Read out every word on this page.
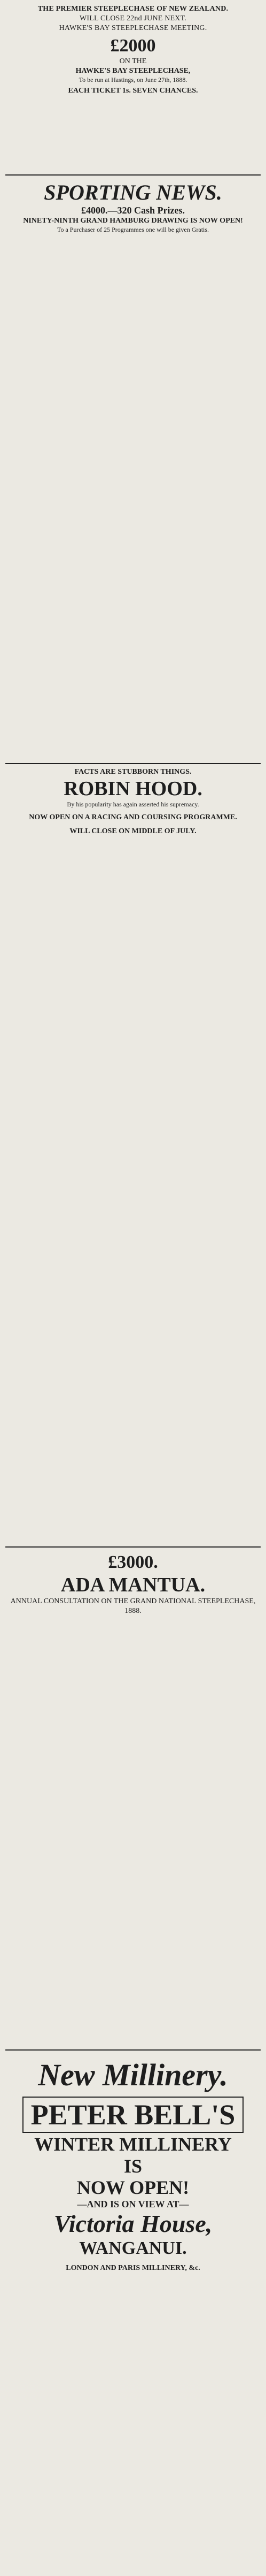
THE PREMIER STEEPLECHASE OF NEW ZEALAND.
WILL CLOSE 22nd JUNE NEXT.
HAWKE'S BAY STEEPLECHASE MEETING.
£2000
ON THE
HAWKE'S BAY STEEPLECHASE,
To be run at Hastings, on June 27th, 1888.
EACH TICKET 1s. SEVEN CHANCES.
SPORTING NEWS.
£4000.—320 Cash Prizes.
NINETY-NINTH GRAND HAMBURG DRAWING IS NOW OPEN!
To a Purchaser of 25 Programmes one will be given Gratis.
FACTS ARE STUBBORN THINGS.
ROBIN HOOD.
By his popularity has again asserted his supremacy.
NOW OPEN ON A RACING AND COURSING PROGRAMME.
WILL CLOSE ON MIDDLE OF JULY.
£3000.
ADA MANTUA.
ANNUAL CONSULTATION ON THE GRAND NATIONAL STEEPLECHASE, 1888.
New Millinery.
PETER BELL'S
WINTER MILLINERY
IS
NOW OPEN!
—AND IS ON VIEW AT—
Victoria House,
WANGANUI.
LONDON AND PARIS MILLINERY, &c.
